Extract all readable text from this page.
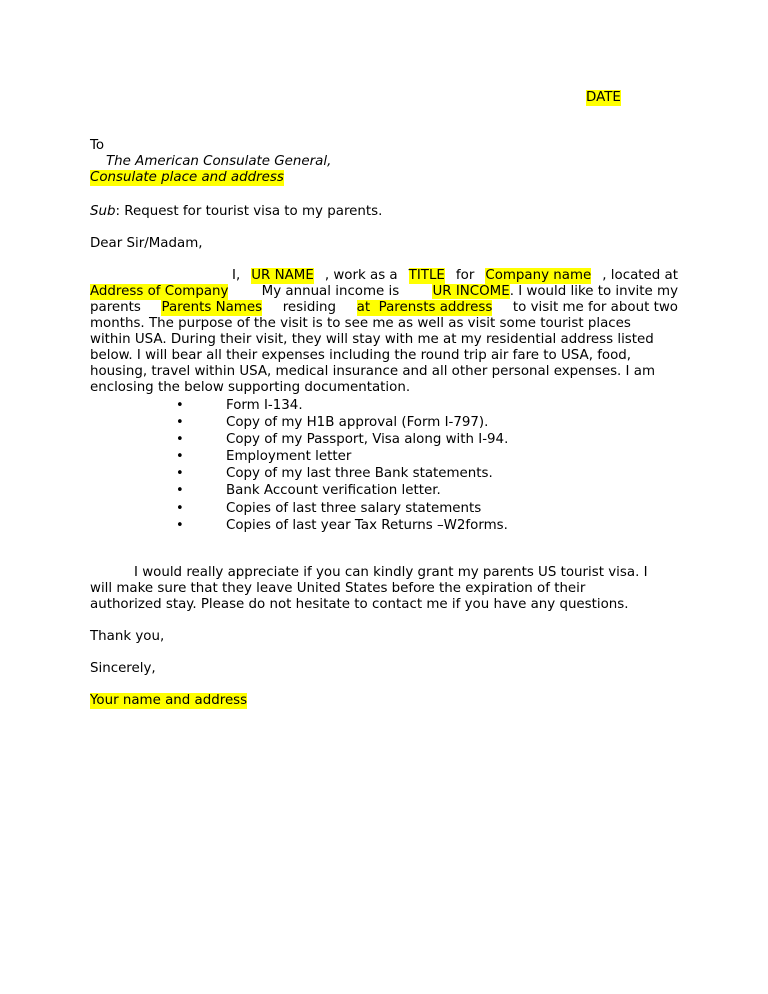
DATE
To
The American Consulate General,
Consulate place and address
Sub: Request for tourist visa to my parents.
Dear Sir/Madam,
I, UR NAME , work as a TITLE for Company name , located at
Address of Company My annual income is UR INCOME. I would like to invite my
parents Parents Names residing at  Parensts address to visit me for about two
months. The purpose of the visit is to see me as well as visit some tourist places
within USA. During their visit, they will stay with me at my residential address listed
below. I will bear all their expenses including the round trip air fare to USA, food,
housing, travel within USA, medical insurance and all other personal expenses. I am
enclosing the below supporting documentation.
•	Form I-134.
•	Copy of my H1B approval (Form I-797).
•	Copy of my Passport, Visa along with I-94.
•	Employment letter
•	Copy of my last three Bank statements.
•	Bank Account verification letter.
•	Copies of last three salary statements
•	Copies of last year Tax Returns –W2forms.
I would really appreciate if you can kindly grant my parents US tourist visa. I
will make sure that they leave United States before the expiration of their
authorized stay. Please do not hesitate to contact me if you have any questions.
Thank you,
Sincerely,
Your name and address
